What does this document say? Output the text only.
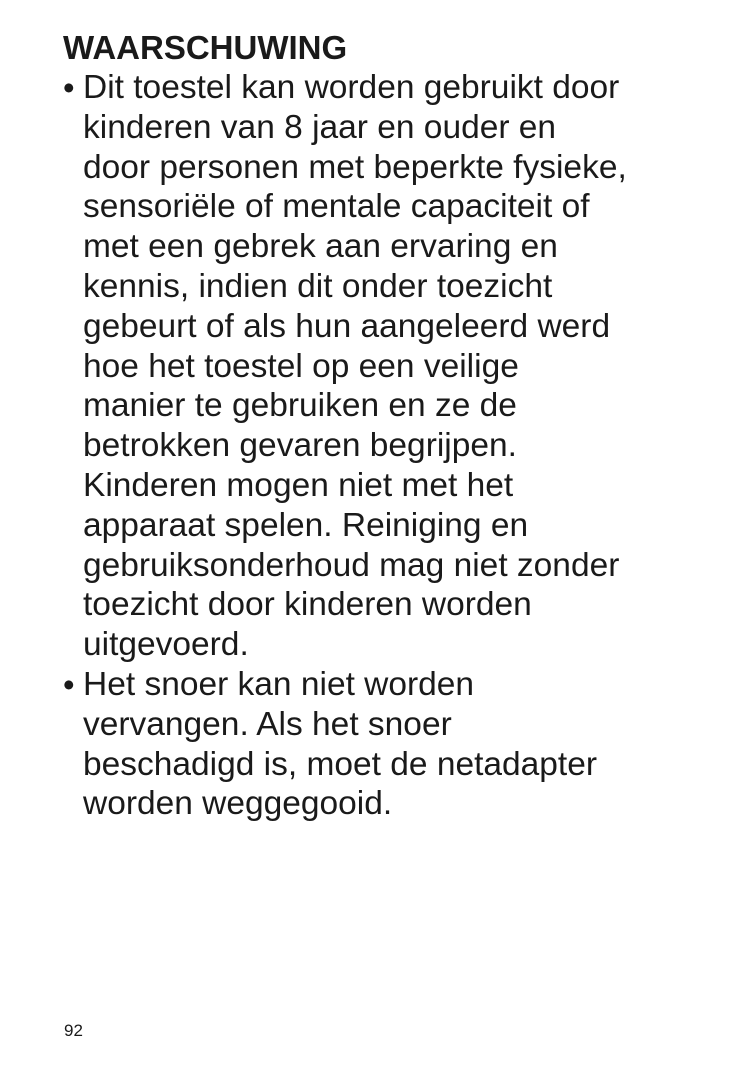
WAARSCHUWING
• Dit toestel kan worden gebruikt door
kinderen van 8 jaar en ouder en
door personen met beperkte fysieke,
sensoriële of mentale capaciteit of
met een gebrek aan ervaring en
kennis, indien dit onder toezicht
gebeurt of als hun aangeleerd werd
hoe het toestel op een veilige
manier te gebruiken en ze de
betrokken gevaren begrijpen.
Kinderen mogen niet met het
apparaat spelen. Reiniging en
gebruiksonderhoud mag niet zonder
toezicht door kinderen worden
uitgevoerd.
• Het snoer kan niet worden
vervangen. Als het snoer
beschadigd is, moet de netadapter
worden weggegooid.
92
